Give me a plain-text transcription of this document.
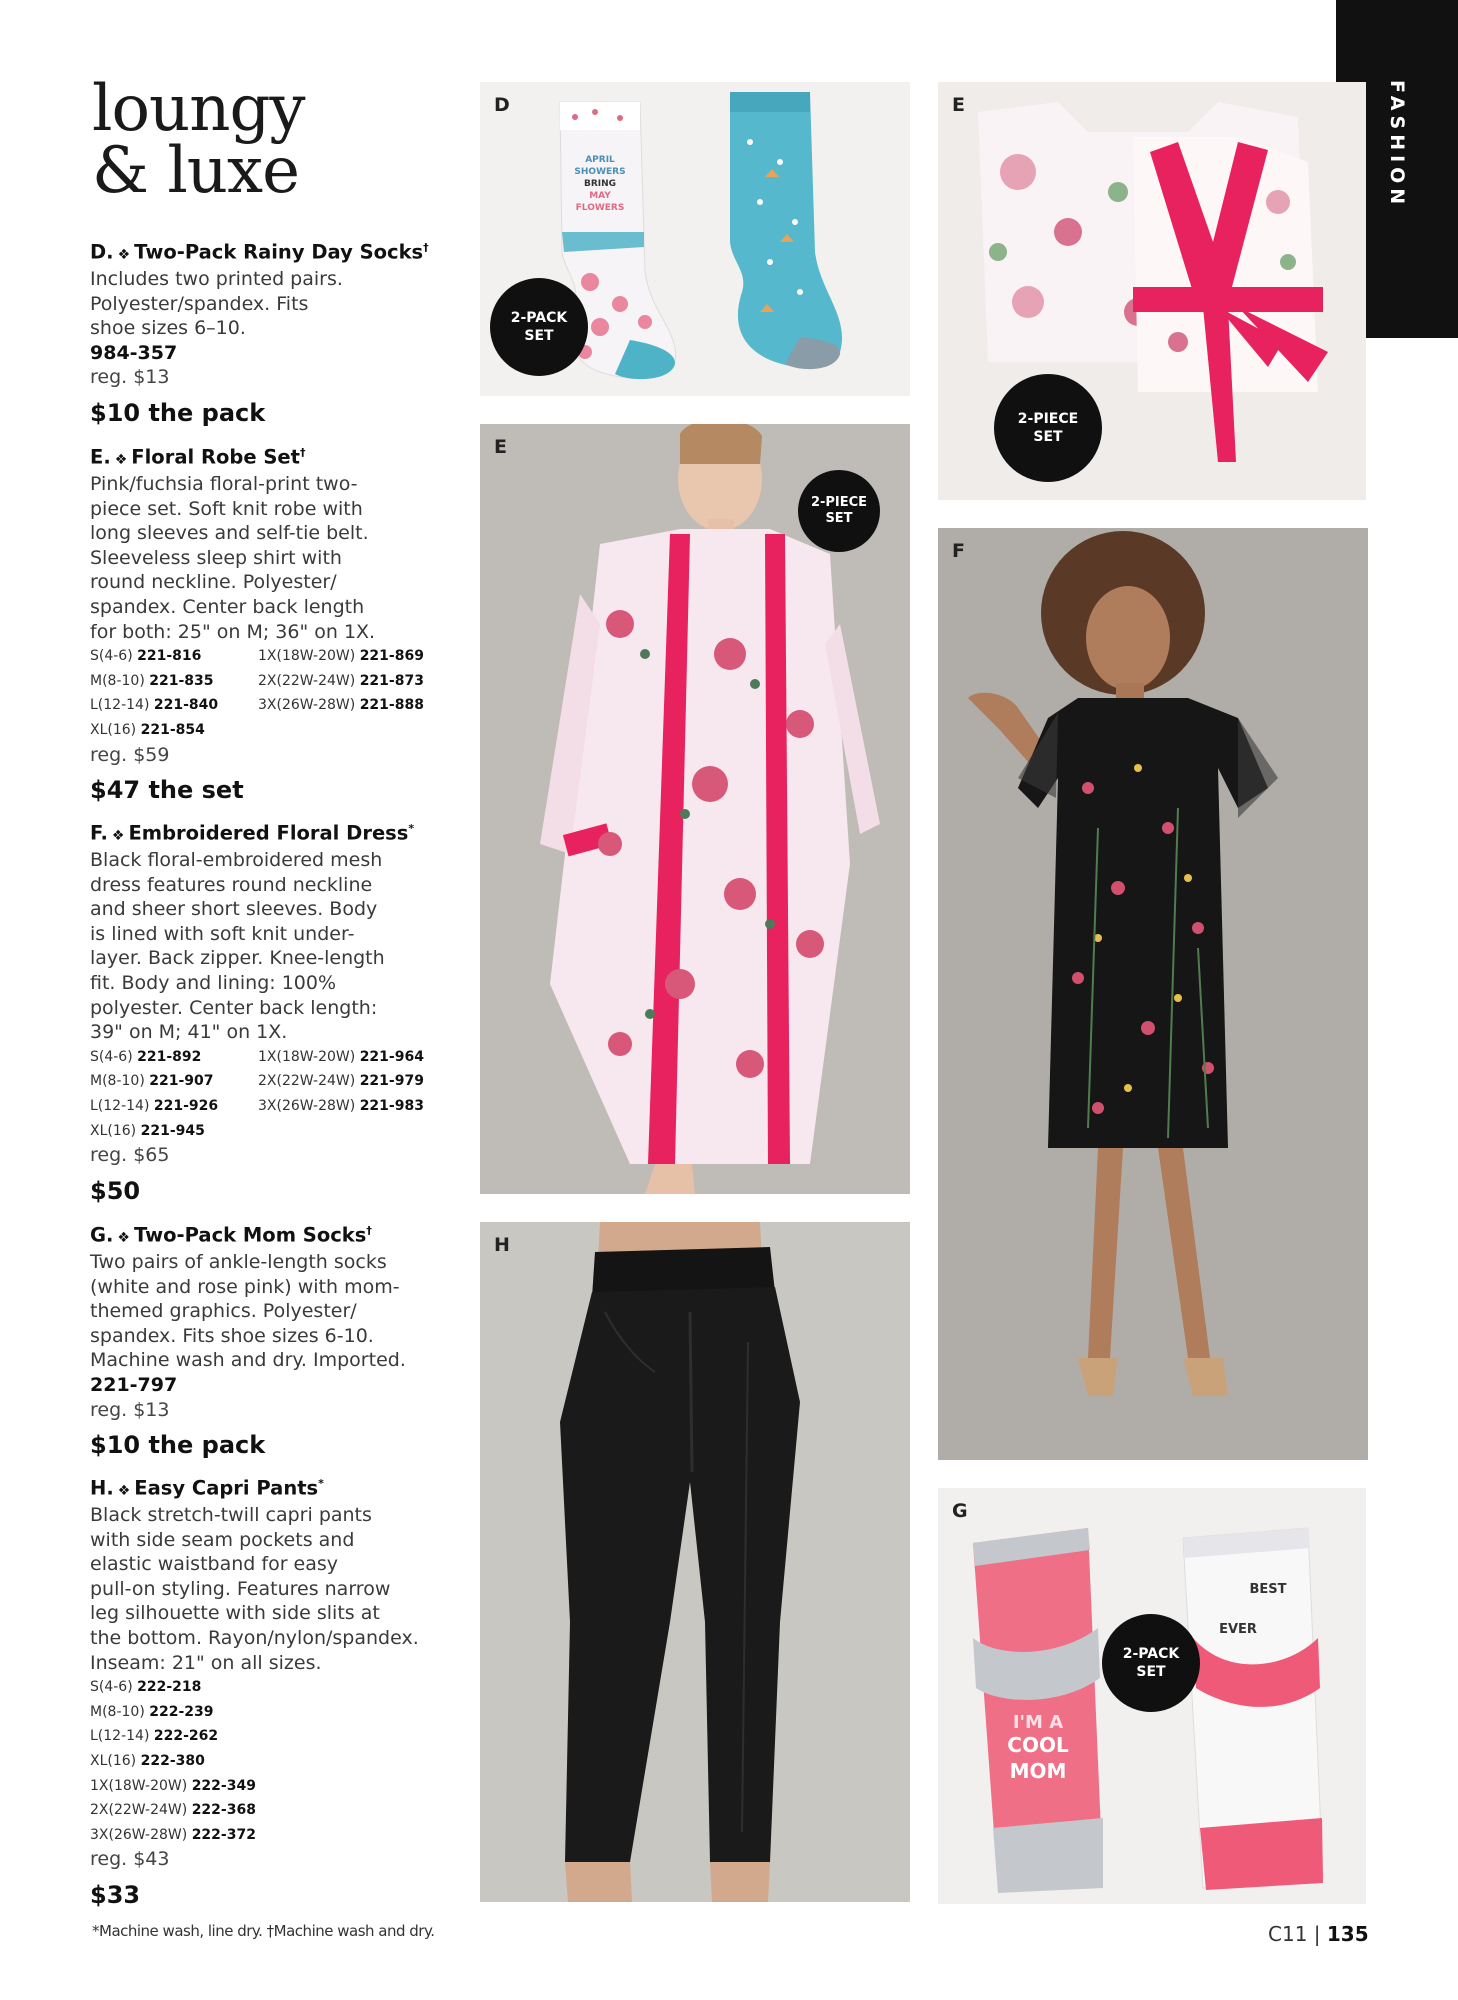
loungy
& luxe	FASHION
D. ❖ Two-Pack Rainy Day Socks†
Includes two printed pairs.
Polyester/spandex. Fits
shoe sizes 6–10.
984-357
reg. $13
$10 the pack
E. ❖ Floral Robe Set†
Pink/fuchsia floral-print two-
piece set. Soft knit robe with
long sleeves and self-tie belt.
Sleeveless sleep shirt with
round neckline. Polyester/
spandex. Center back length
for both: 25" on M; 36" on 1X.
S(4-6) 221-816	1X(18W-20W) 221-869
M(8-10) 221-835	2X(22W-24W) 221-873
L(12-14) 221-840	3X(26W-28W) 221-888
XL(16) 221-854
reg. $59
$47 the set
F. ❖ Embroidered Floral Dress*
Black floral-embroidered mesh
dress features round neckline
and sheer short sleeves. Body
is lined with soft knit under-
layer. Back zipper. Knee-length
fit. Body and lining: 100%
polyester. Center back length:
39" on M; 41" on 1X.
S(4-6) 221-892	1X(18W-20W) 221-964
M(8-10) 221-907	2X(22W-24W) 221-979
L(12-14) 221-926	3X(26W-28W) 221-983
XL(16) 221-945
reg. $65
$50
G. ❖ Two-Pack Mom Socks†
Two pairs of ankle-length socks
(white and rose pink) with mom-
themed graphics. Polyester/
spandex. Fits shoe sizes 6-10.
Machine wash and dry. Imported.
221-797
reg. $13
$10 the pack
H. ❖ Easy Capri Pants*
Black stretch-twill capri pants
with side seam pockets and
elastic waistband for easy
pull-on styling. Features narrow
leg silhouette with side slits at
the bottom. Rayon/nylon/spandex.
Inseam: 21" on all sizes.
S(4-6) 222-218
M(8-10) 222-239
L(12-14) 222-262
XL(16) 222-380
1X(18W-20W) 222-349
2X(22W-24W) 222-368
3X(26W-28W) 222-372
reg. $43
$33
*Machine wash, line dry. †Machine wash and dry.	C11 | 135
APRIL
SHOWERS
BRING
MAY
FLOWERS
D
2-PACK
SET
E
2-PIECE
SET
E
2-PIECE
SET
F
H
I'M A
COOL
MOM
BEST
EVER
G
2-PACK
SET
